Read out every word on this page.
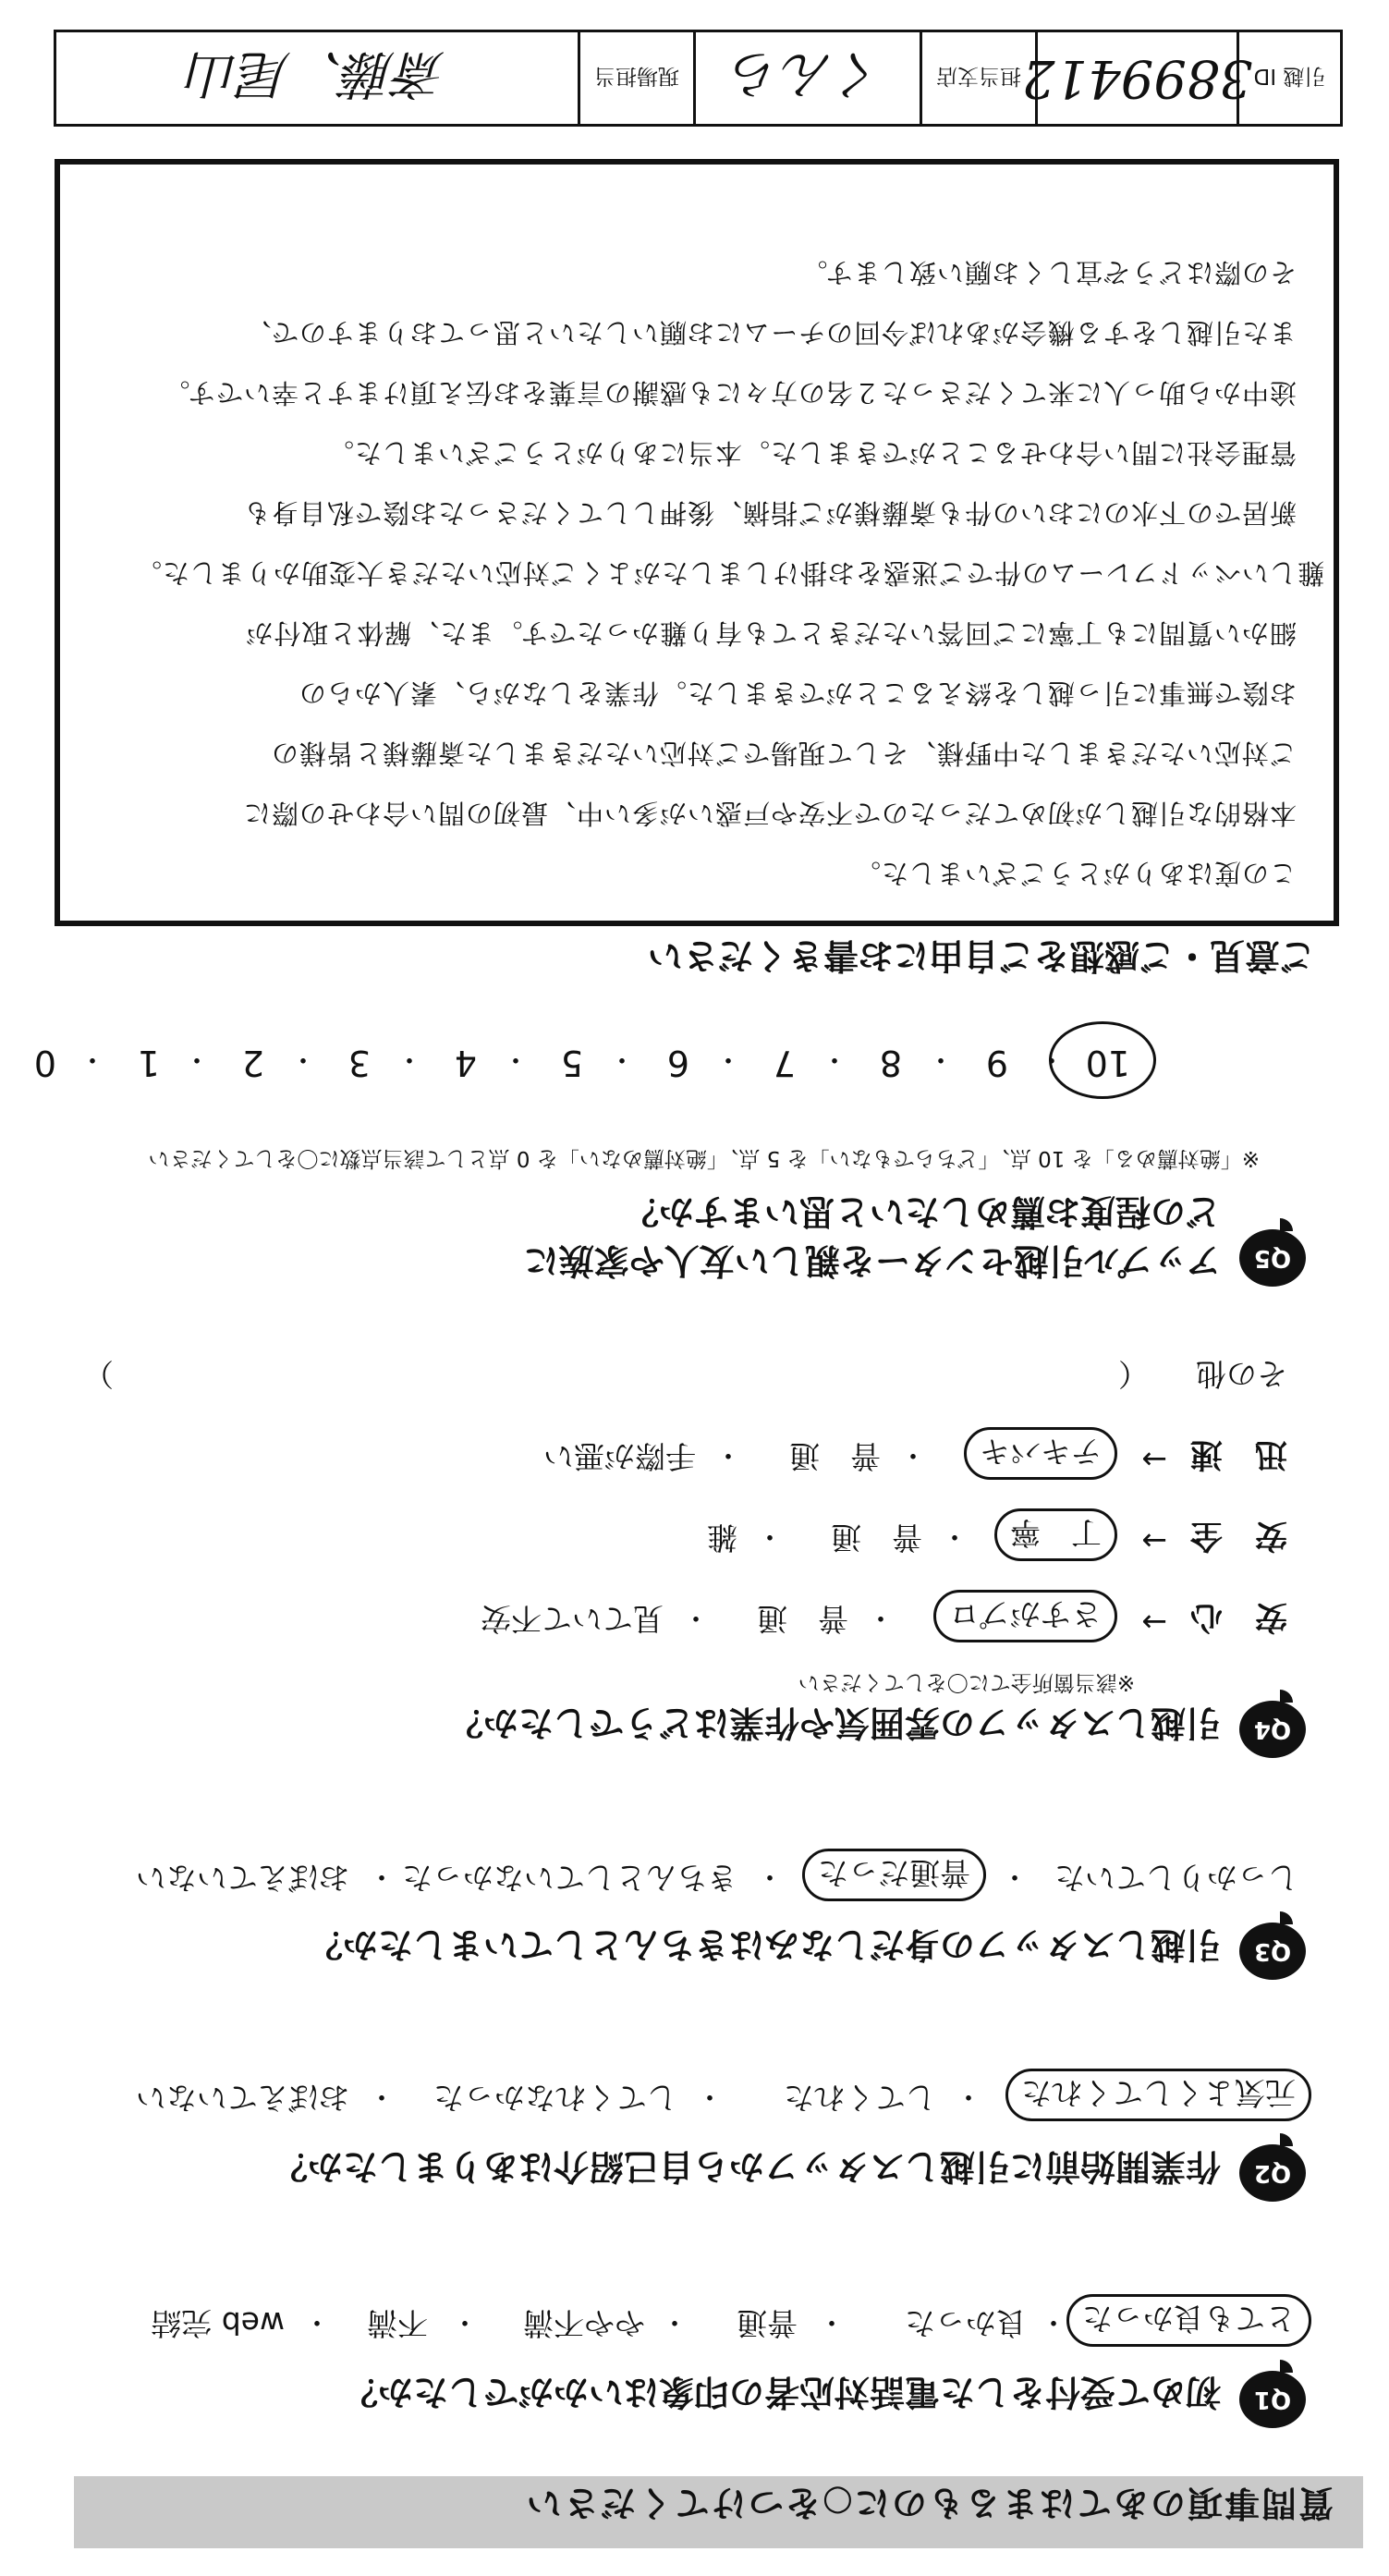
質問事項のあてはまるものに○をつけてください
Q1
初めて受付をした電話対応者の印象はいかがでしたか？
とても良かった
・
良かった
・
普通
・
やや不満
・
不満
・
web 完結
Q2
作業開始前に引越しスタッフから自己紹介はありましたか？
元気よくしてくれた
・
してくれた
・
してくれなかった
・
おぼえていない
Q3
引越しスタッフの身だしなみはきちんとしていましたか？
しっかりしていた
・
普通だった
・
きちんとしていなかった
・
おぼえていない
Q4
引越しスタッフの雰囲気や作業はどうでしたか？
※該当箇所全てに〇をしてください
安　心
→
さすがプロ
・
普　通
・
見ていて不安
安　全
→
丁　寧
・
普　通
・
雑
迅　速
→
テキパキ
・
普　通
・
手際が悪い
その他
（
）
Q5
アップル引越センターを親しい友人や家族に
どの程度お薦めしたいと思いますか？
※「絶対薦める」を 10 点、「どちらでもない」を 5 点、「絶対薦めない」を 0 点として該当点数に〇をしてください
10
9
8
7
6
5
4
3
2
1
0	・
・
・
・
・
・
・
・
・
・
ご意見・ご感想をご自由にお書きください
この度はありがとうございました。
本格的な引越しが初めてだったので不安や戸惑いが多い中、最初の問い合わせの際に
ご対応いただきました中野様、そして現場でご対応いただきました斎藤様と皆様の
お陰で無事に引っ越しを終えることができました。作業をしながら、素人からの
細かい質問にも丁寧にご回答いただきとても有り難かったです。また、解体と取付が
難しいベッドフレームの件でご迷惑をお掛けしましたがよくご対応いただき大変助かりました。
新居での下水のにおいの件も斎藤様がご指摘、後押ししてくださったお陰で私自身も
管理会社に問い合わせることができました。本当にありがとうございました。
途中から助っ人に来てくださった２名の方々にも感謝の言葉をお伝え頂けますと幸いです。
また引越しをする機会があれば今回のチームにお願いしたいと思っておりますので、
その際はどうぞ宜しくお願い致します。
引越 ID
3899412
担当支店
くんら
現場担当
斎藤、尾山
